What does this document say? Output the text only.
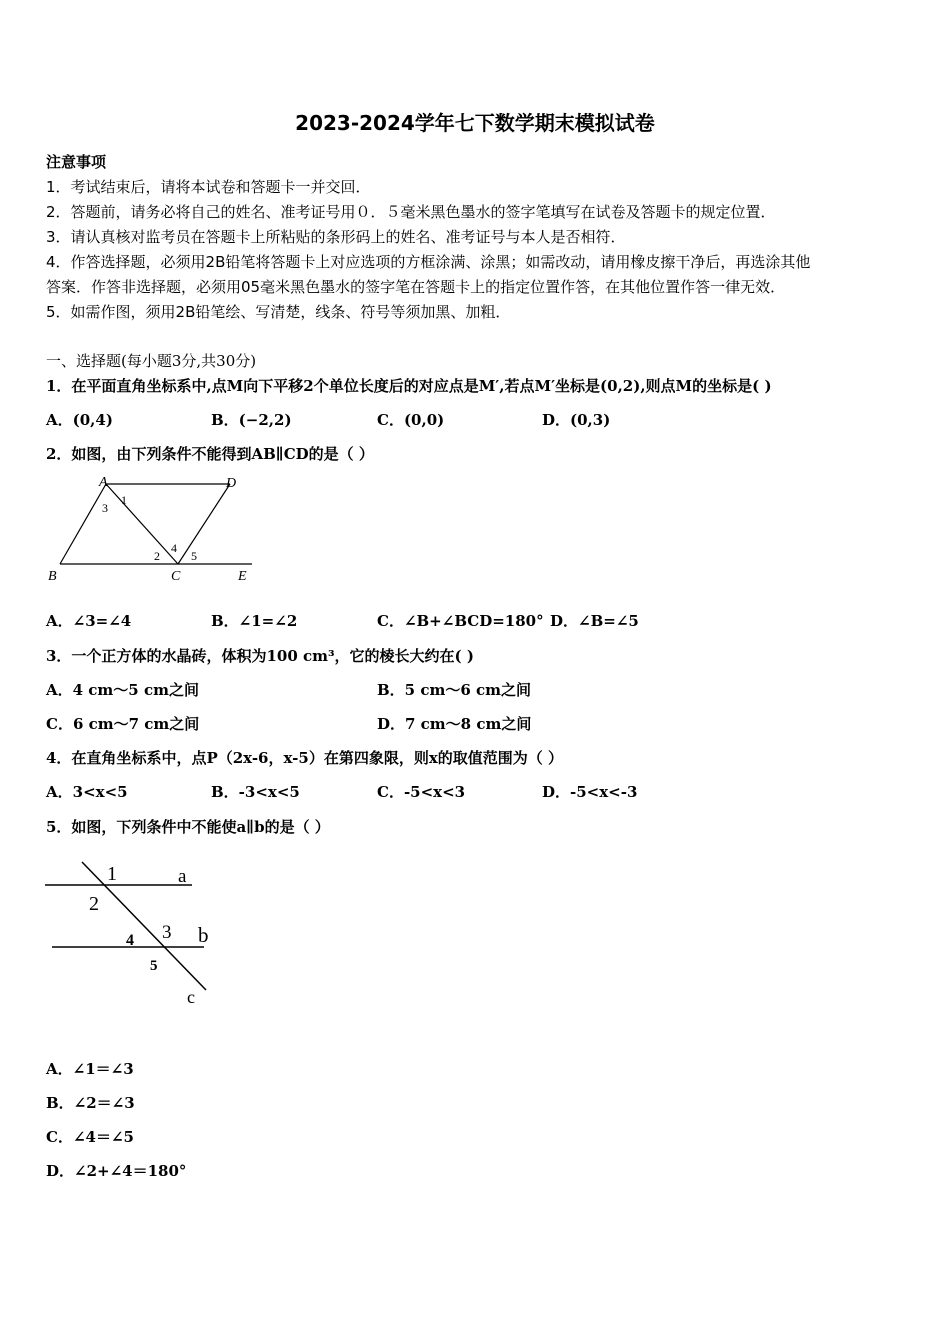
2023-2024学年七下数学期末模拟试卷
注意事项
1．考试结束后，请将本试卷和答题卡一并交回．
2．答题前，请务必将自己的姓名、准考证号用０．５毫米黑色墨水的签字笔填写在试卷及答题卡的规定位置．
3．请认真核对监考员在答题卡上所粘贴的条形码上的姓名、准考证号与本人是否相符．
4．作答选择题，必须用2B铅笔将答题卡上对应选项的方框涂满、涂黑；如需改动，请用橡皮擦干净后，再选涂其他
答案．作答非选择题，必须用05毫米黑色墨水的签字笔在答题卡上的指定位置作答，在其他位置作答一律无效．
5．如需作图，须用2B铅笔绘、写清楚，线条、符号等须加黑、加粗．
一、选择题(每小题3分,共30分)
1．在平面直角坐标系中,点M向下平移2个单位长度后的对应点是M′,若点M′坐标是(0,2),则点M的坐标是( )
A．(0,4)	B．(−2,2)	C．(0,0)	D．(0,3)
2．如图，由下列条件不能得到AB∥CD的是（ ）
A	D
B	C	E
1
2
3
4
5
A．∠3=∠4	B．∠1=∠2	C．∠B+∠BCD=180° D．∠B=∠5
3．一个正方体的水晶砖，体积为100 cm³，它的棱长大约在( )
A．4 cm～5 cm之间	B．5 cm～6 cm之间
C．6 cm～7 cm之间	D．7 cm～8 cm之间
4．在直角坐标系中，点P（2x-6，x-5）在第四象限，则x的取值范围为（ ）
A．3<x<5	B．-3<x<5	C．-5<x<3	D．-5<x<-3
5．如图，下列条件中不能使a∥b的是（ ）
1	a
2
3 b
4
5
c
A．∠1＝∠3
B．∠2＝∠3
C．∠4＝∠5
D．∠2+∠4＝180°
